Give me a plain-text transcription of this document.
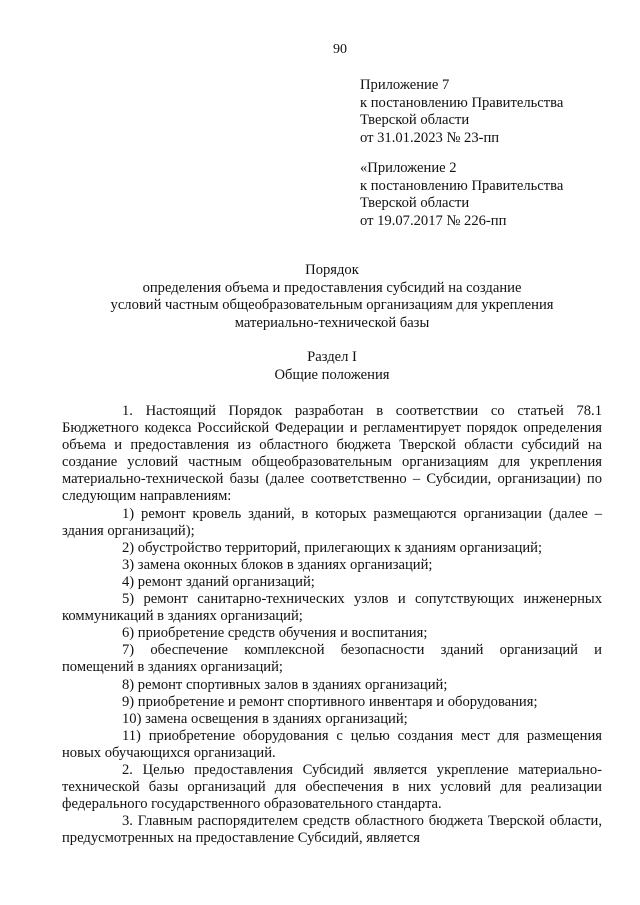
90
Приложение 7
к постановлению Правительства
Тверской области
от 31.01.2023 № 23-пп
«Приложение 2
к постановлению Правительства
Тверской области
от 19.07.2017 № 226-пп
Порядок
определения объема и предоставления субсидий на создание
условий частным общеобразовательным организациям для укрепления
материально-технической базы
Раздел I
Общие положения

1. Настоящий Порядок разработан в соответствии со статьей 78.1 Бюджетного кодекса Российской Федерации и регламентирует порядок определения объема и предоставления из областного бюджета Тверской области субсидий на создание условий частным общеобразовательным организациям для укрепления материально-технической базы (далее соответственно – Субсидии, организации) по следующим направлениям:

1) ремонт кровель зданий, в которых размещаются организации (далее – здания организаций);

2) обустройство территорий, прилегающих к зданиям организаций;

3) замена оконных блоков в зданиях организаций;

4) ремонт зданий организаций;

5) ремонт санитарно-технических узлов и сопутствующих инженерных коммуникаций в зданиях организаций;

6) приобретение средств обучения и воспитания;

7) обеспечение комплексной безопасности зданий организаций и помещений в зданиях организаций;

8) ремонт спортивных залов в зданиях организаций;

9) приобретение и ремонт спортивного инвентаря и оборудования;

10) замена освещения в зданиях организаций;

11) приобретение оборудования с целью создания мест для размещения новых обучающихся организаций.

2. Целью предоставления Субсидий является укрепление материально-технической базы организаций для обеспечения в них условий для реализации федерального государственного образовательного стандарта.

3. Главным распорядителем средств областного бюджета Тверской области, предусмотренных на предоставление Субсидий, является
